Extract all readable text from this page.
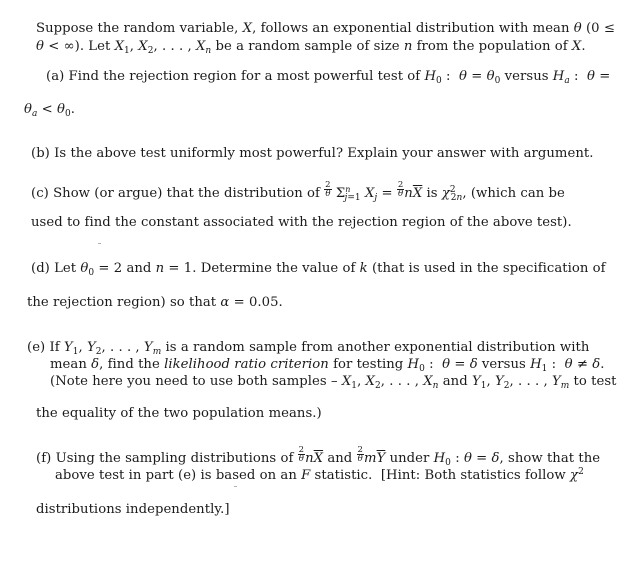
Suppose the random variable, X, follows an exponential distribution with mean θ (0 ≤
θ < ∞). Let $X_1$, $X_2$, . . . , $X_n$ be a random sample of size n from the population of X.
(a) Find the rejection region for a most powerful test of $H_0$ :  $\theta = \theta_0$ versus $H_a$ :  θ =
$\theta_a < \theta_0$.
(b) Is the above test uniformly most powerful? Explain your answer with argument.
(c) Show (or argue) that the distribution of $\frac{2}{\theta} \Sigma^n_{j=1}$ $X_j = \frac{2}{\theta} n\overline{X}$ is $\chi^2_{2n}$, (which can be
used to find the constant associated with the rejection region of the above test).
(d) Let $\theta_0 = 2$ and n = 1. Determine the value of k (that is used in the specification of
the rejection region) so that α = 0.05.
(e) If $Y_1$, $Y_2$, . . . , $Y_m$ is a random sample from another exponential distribution with
mean δ, find the likelihood ratio criterion for testing $H_0$ :  θ = δ versus $H_1$ :  θ ≠ δ.
(Note here you need to use both samples – $X_1$, $X_2$, . . . , $X_n$ and $Y_1$, $Y_2$, . . . , $Y_m$ to test
the equality of the two population means.)
(f) Using the sampling distributions of $\frac{2}{\theta} n\overline{X}$ and $\frac{2}{\theta} m\overline{Y}$ under $H_0$ : θ = δ, show that the
above test in part (e) is based on an F statistic.  [Hint: Both statistics follow $\chi^2$
distributions independently.]
